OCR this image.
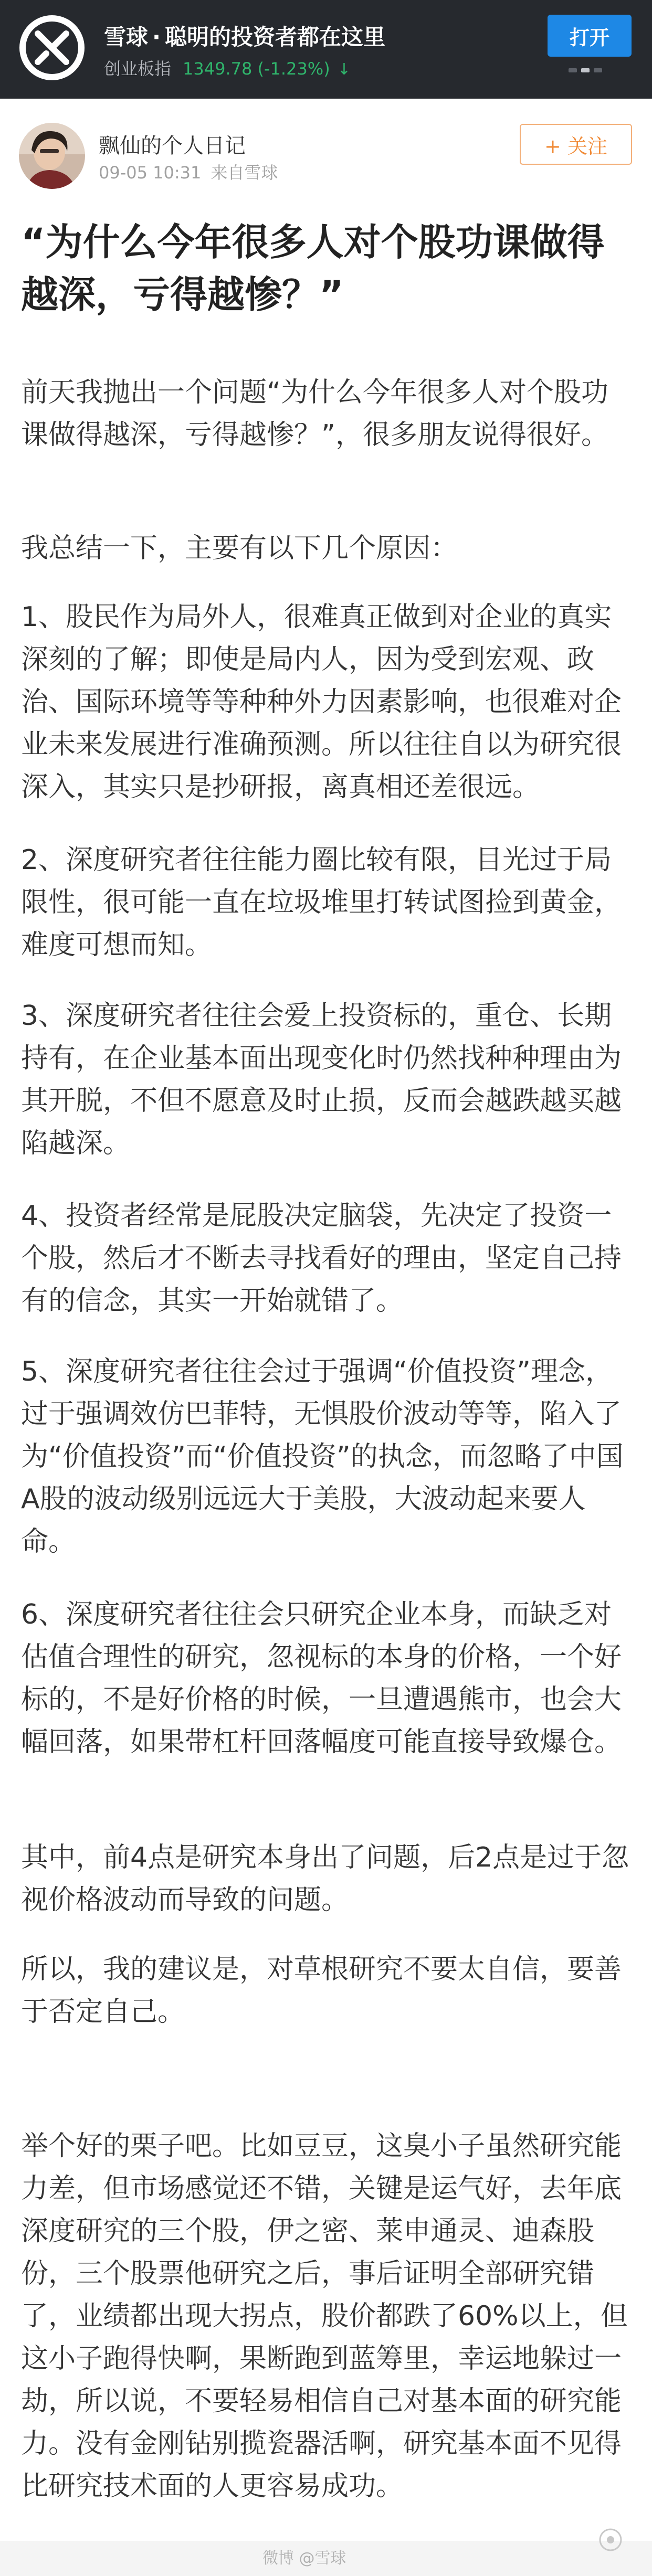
雪球 · 聪明的投资者都在这里
创业板指 1349.78 (-1.23%) ↓
打开
飘仙的个人日记
09-05 10:31 来自雪球
+ 关注
“为什么今年很多人对个股功课做得越深，亏得越惨？”
前天我抛出一个问题“为什么今年很多人对个股功课做得越深，亏得越惨？”，很多朋友说得很好。
我总结一下，主要有以下几个原因：
1、股民作为局外人，很难真正做到对企业的真实深刻的了解；即使是局内人，因为受到宏观、政治、国际环境等等种种外力因素影响，也很难对企业未来发展进行准确预测。所以往往自以为研究很深入，其实只是抄研报，离真相还差很远。
2、深度研究者往往能力圈比较有限，目光过于局限性，很可能一直在垃圾堆里打转试图捡到黄金，难度可想而知。
3、深度研究者往往会爱上投资标的，重仓、长期持有，在企业基本面出现变化时仍然找种种理由为其开脱，不但不愿意及时止损，反而会越跌越买越陷越深。
4、投资者经常是屁股决定脑袋，先决定了投资一个股，然后才不断去寻找看好的理由，坚定自己持有的信念，其实一开始就错了。
5、深度研究者往往会过于强调“价值投资”理念，过于强调效仿巴菲特，无惧股价波动等等，陷入了为“价值投资”而“价值投资”的执念，而忽略了中国A股的波动级别远远大于美股，大波动起来要人命。
6、深度研究者往往会只研究企业本身，而缺乏对估值合理性的研究，忽视标的本身的价格，一个好标的，不是好价格的时候，一旦遭遇熊市，也会大幅回落，如果带杠杆回落幅度可能直接导致爆仓。
其中，前4点是研究本身出了问题，后2点是过于忽视价格波动而导致的问题。
所以，我的建议是，对草根研究不要太自信，要善于否定自己。
举个好的栗子吧。比如豆豆，这臭小子虽然研究能力差，但市场感觉还不错，关键是运气好，去年底深度研究的三个股，伊之密、莱申通灵、迪森股份，三个股票他研究之后，事后证明全部研究错了，业绩都出现大拐点，股价都跌了60%以上，但这小子跑得快啊，果断跑到蓝筹里，幸运地躲过一劫，所以说，不要轻易相信自己对基本面的研究能力。没有金刚钻别揽瓷器活啊，研究基本面不见得比研究技术面的人更容易成功。
微博 @雪球
